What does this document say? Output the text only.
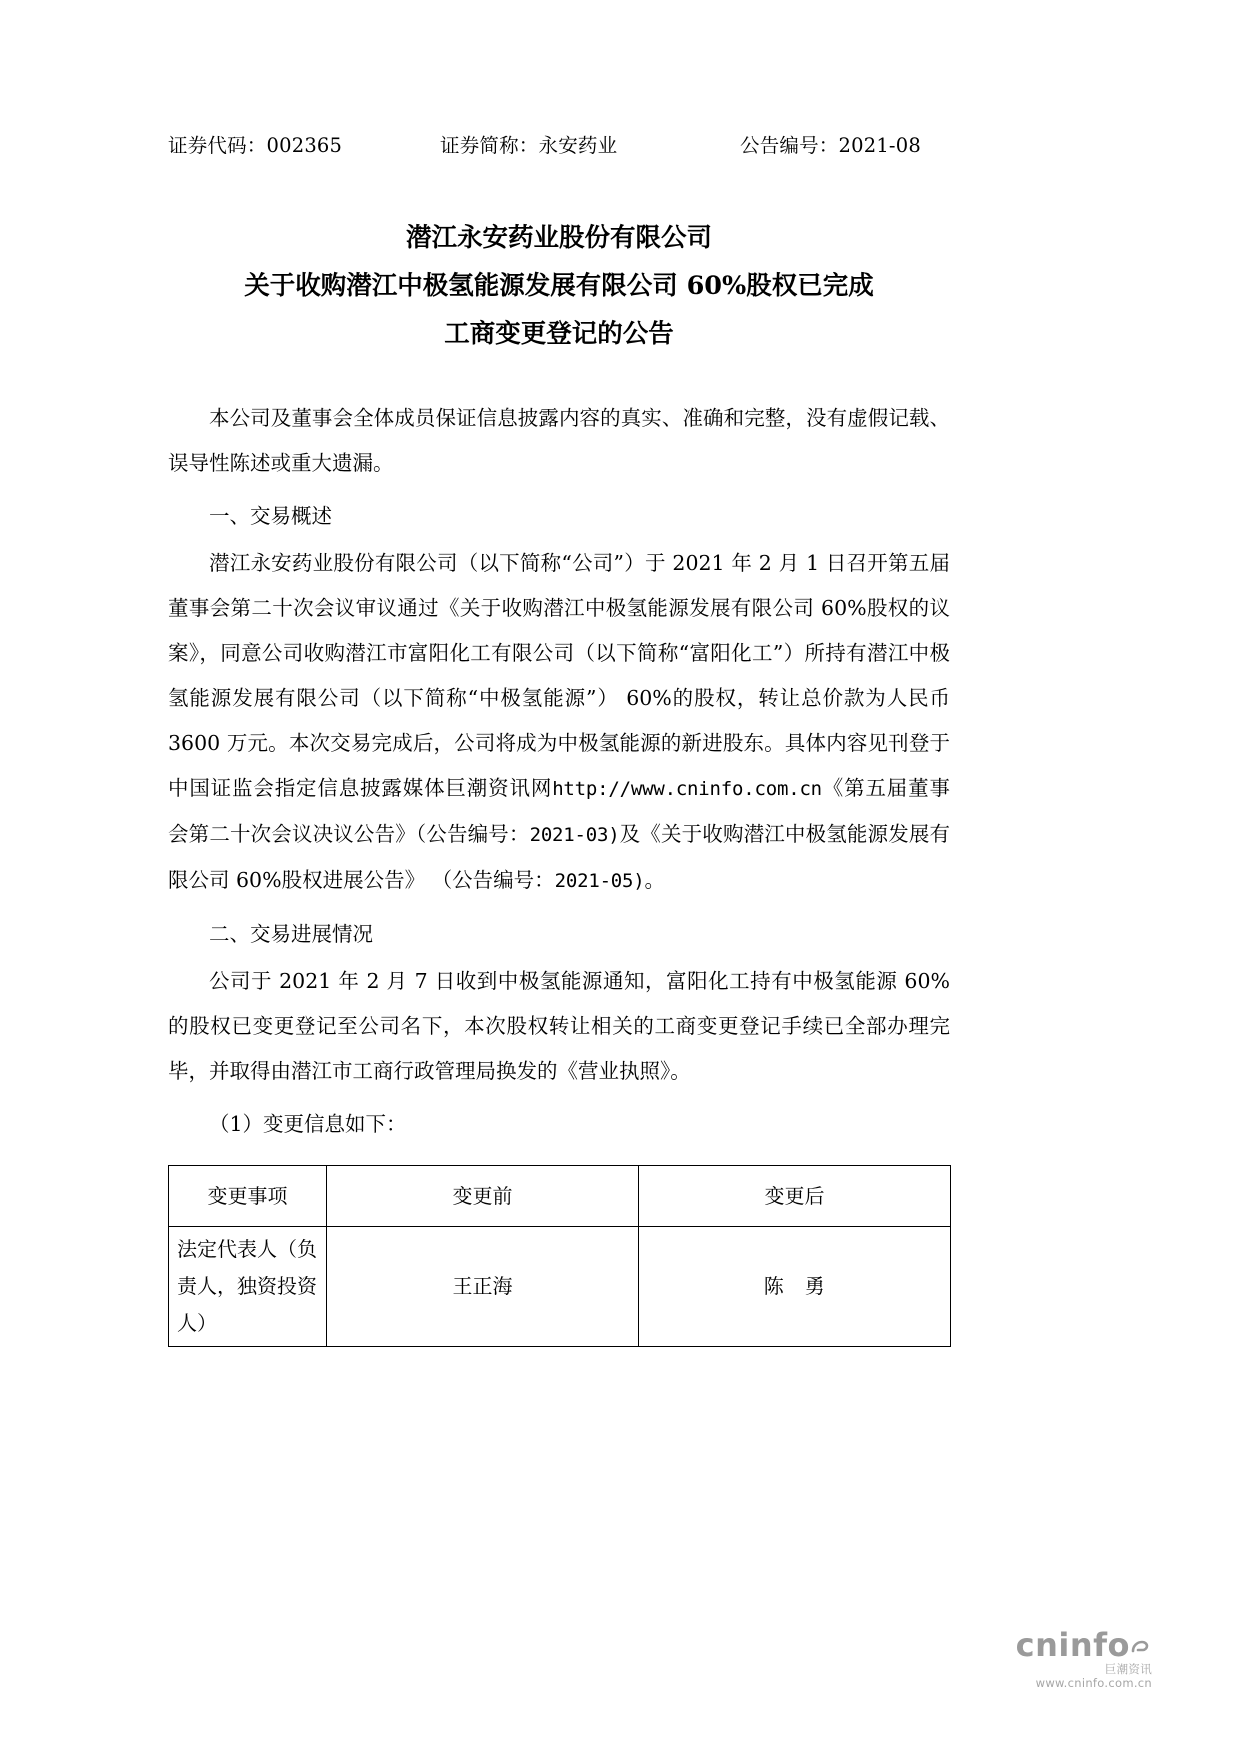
证券代码：002365	证券简称：永安药业	公告编号：2021-08
潜江永安药业股份有限公司
关于收购潜江中极氢能源发展有限公司 60%股权已完成
工商变更登记的公告

本公司及董事会全体成员保证信息披露内容的真实、准确和完整，没有虚假记载、误导性陈述或重大遗漏。

一、交易概述

潜江永安药业股份有限公司（以下简称“公司”）于 2021 年 2 月 1 日召开第五届董事会第二十次会议审议通过《关于收购潜江中极氢能源发展有限公司 60%股权的议案》，同意公司收购潜江市富阳化工有限公司（以下简称“富阳化工”）所持有潜江中极氢能源发展有限公司（以下简称“中极氢能源”） 60%的股权，转让总价款为人民币 3600 万元。本次交易完成后，公司将成为中极氢能源的新进股东。具体内容见刊登于中国证监会指定信息披露媒体巨潮资讯网http://www.cninfo.com.cn《第五届董事会第二十次会议决议公告》（公告编号：2021-03)及《关于收购潜江中极氢能源发展有限公司 60%股权进展公告》 （公告编号：2021-05)。

二、交易进展情况

公司于 2021 年 2 月 7 日收到中极氢能源通知，富阳化工持有中极氢能源 60%的股权已变更登记至公司名下，本次股权转让相关的工商变更登记手续已全部办理完毕，并取得由潜江市工商行政管理局换发的《营业执照》。

（1）变更信息如下：

变更事项	变更前	变更后
法定代表人（负责人，独资投资人）	王正海	陈　勇
cninfo
巨潮资讯
www.cninfo.com.cn
